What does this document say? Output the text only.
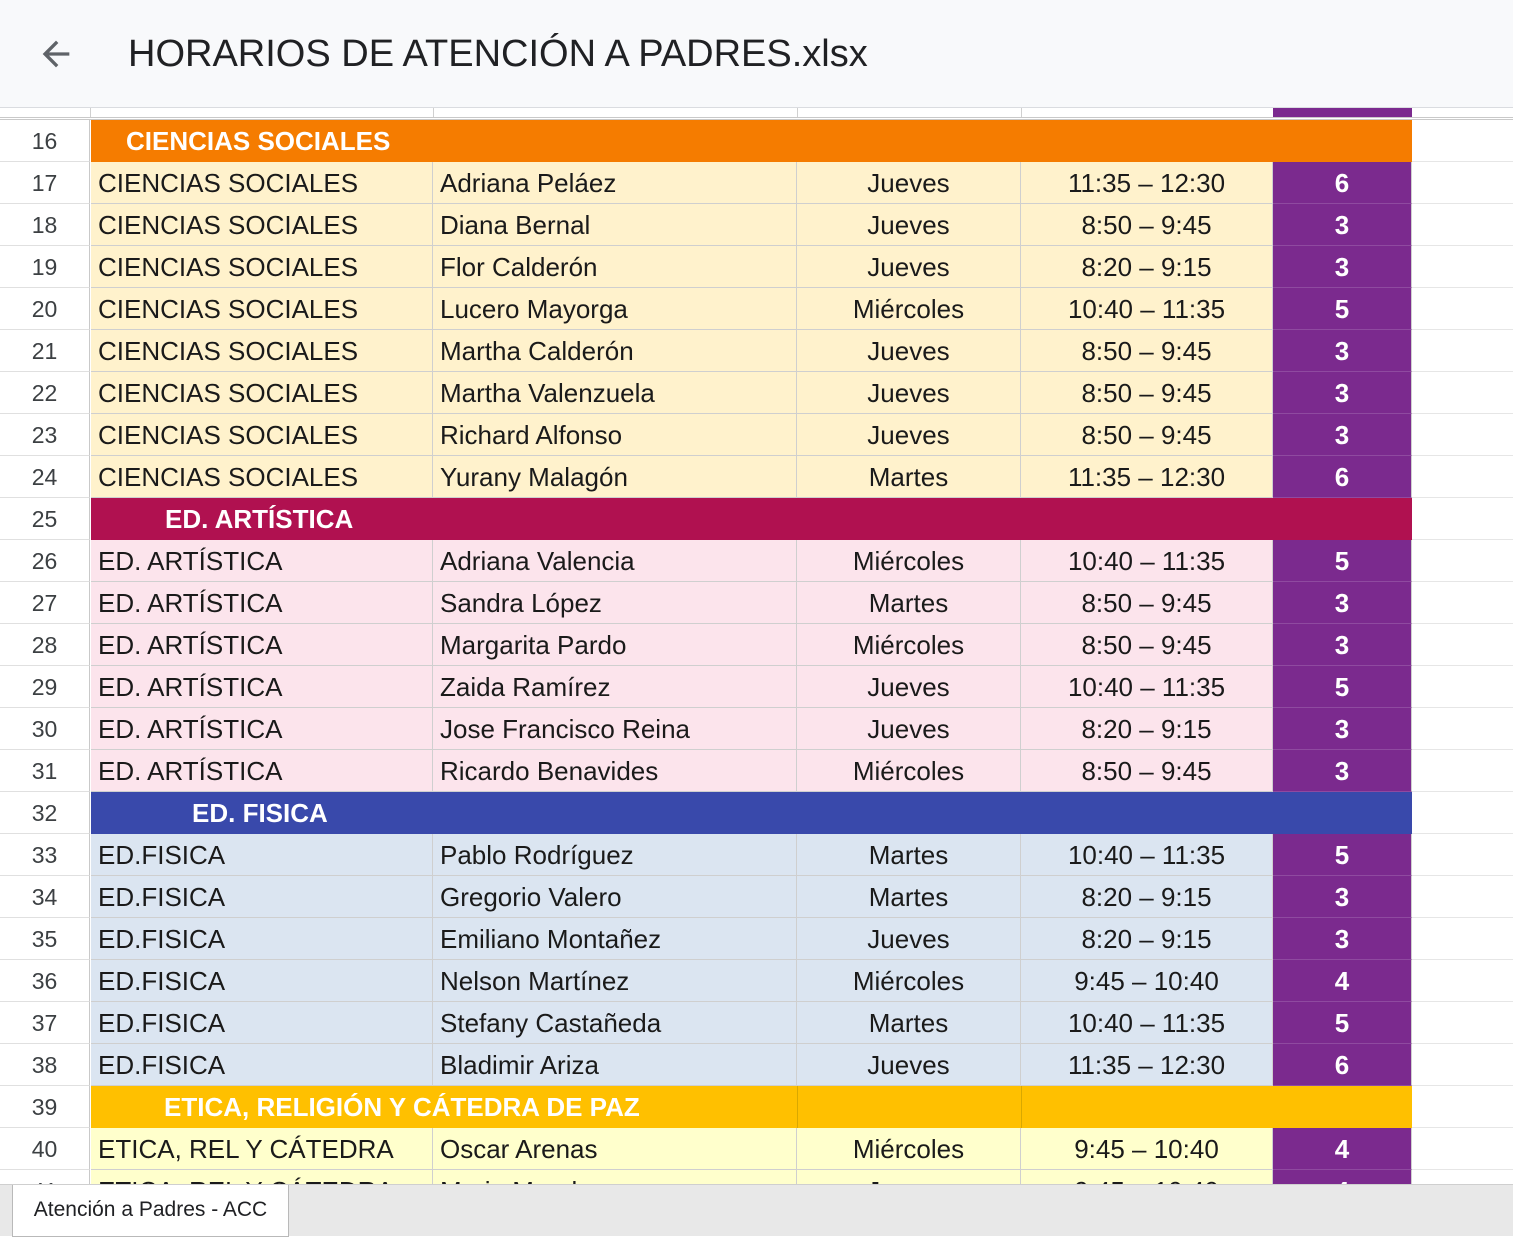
HORARIOS DE ATENCIÓN A PADRES.xlsx
16	CIENCIAS SOCIALES
17	CIENCIAS SOCIALES	Adriana Peláez	Jueves	11:35 – 12:30	6
18	CIENCIAS SOCIALES	Diana Bernal	Jueves	8:50 – 9:45	3
19	CIENCIAS SOCIALES	Flor Calderón	Jueves	8:20 – 9:15	3
20	CIENCIAS SOCIALES	Lucero Mayorga	Miércoles	10:40 – 11:35	5
21	CIENCIAS SOCIALES	Martha Calderón	Jueves	8:50 – 9:45	3
22	CIENCIAS SOCIALES	Martha Valenzuela	Jueves	8:50 – 9:45	3
23	CIENCIAS SOCIALES	Richard Alfonso	Jueves	8:50 – 9:45	3
24	CIENCIAS SOCIALES	Yurany Malagón	Martes	11:35 – 12:30	6
25	ED. ARTÍSTICA
26	ED. ARTÍSTICA	Adriana Valencia	Miércoles	10:40 – 11:35	5
27	ED. ARTÍSTICA	Sandra López	Martes	8:50 – 9:45	3
28	ED. ARTÍSTICA	Margarita Pardo	Miércoles	8:50 – 9:45	3
29	ED. ARTÍSTICA	Zaida Ramírez	Jueves	10:40 – 11:35	5
30	ED. ARTÍSTICA	Jose Francisco Reina	Jueves	8:20 – 9:15	3
31	ED. ARTÍSTICA	Ricardo Benavides	Miércoles	8:50 – 9:45	3
32	ED. FISICA
33	ED.FISICA	Pablo Rodríguez	Martes	10:40 – 11:35	5
34	ED.FISICA	Gregorio Valero	Martes	8:20 – 9:15	3
35	ED.FISICA	Emiliano Montañez	Jueves	8:20 – 9:15	3
36	ED.FISICA	Nelson Martínez	Miércoles	9:45 – 10:40	4
37	ED.FISICA	Stefany Castañeda	Martes	10:40 – 11:35	5
38	ED.FISICA	Bladimir Ariza	Jueves	11:35 – 12:30	6
39	ETICA, RELIGIÓN Y CÁTEDRA DE PAZ
40	ETICA, REL Y CÁTEDRA	Oscar Arenas	Miércoles	9:45 – 10:40	4
Atención a Padres - ACC
